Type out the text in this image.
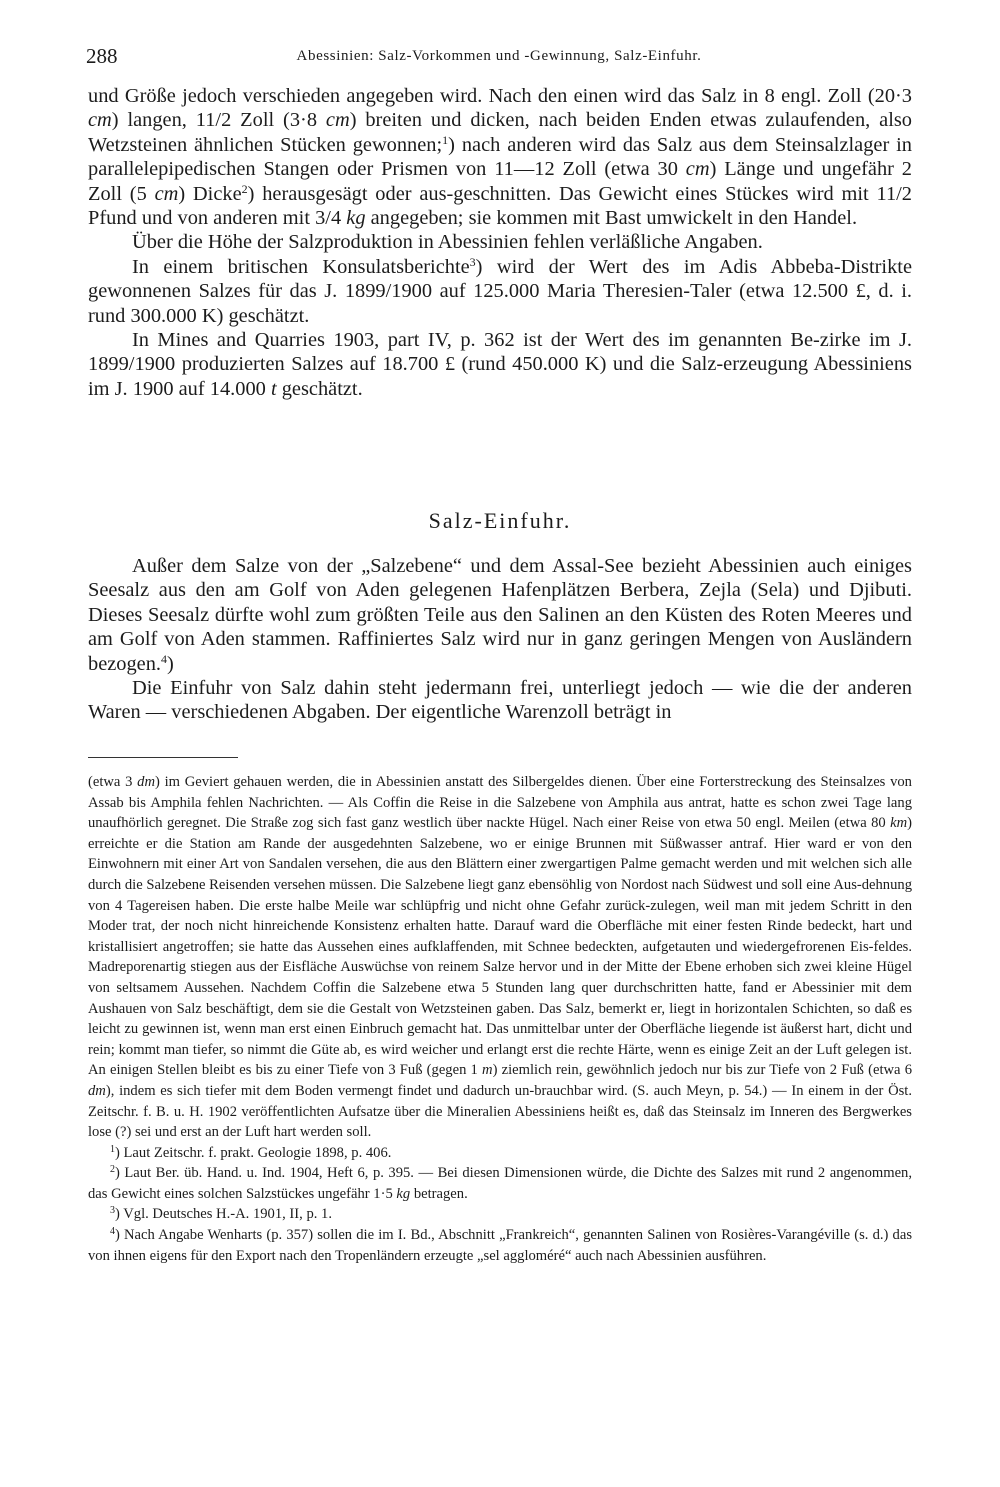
288	Abessinien: Salz-Vorkommen und -Gewinnung, Salz-Einfuhr.

und Größe jedoch verschieden angegeben wird. Nach den einen wird das Salz in 8 engl. Zoll (20·3 cm) langen, 11/2 Zoll (3·8 cm) breiten und dicken, nach beiden Enden etwas zulaufenden, also Wetzsteinen ähnlichen Stücken gewonnen;$^1$) nach anderen wird das Salz aus dem Steinsalzlager in parallelepipedischen Stangen oder Prismen von 11—12 Zoll (etwa 30 cm) Länge und ungefähr 2 Zoll (5 cm) Dicke$^2$) herausgesägt oder aus-geschnitten. Das Gewicht eines Stückes wird mit 11/2 Pfund und von anderen mit 3/4 kg angegeben; sie kommen mit Bast umwickelt in den Handel.

Über die Höhe der Salzproduktion in Abessinien fehlen verläßliche Angaben.

In einem britischen Konsulatsberichte$^3$) wird der Wert des im Adis Abbeba-Distrikte gewonnenen Salzes für das J. 1899/1900 auf 125.000 Maria Theresien-Taler (etwa 12.500 £, d. i. rund 300.000 K) geschätzt.

In Mines and Quarries 1903, part IV, p. 362 ist der Wert des im genannten Be-zirke im J. 1899/1900 produzierten Salzes auf 18.700 £ (rund 450.000 K) und die Salz-erzeugung Abessiniens im J. 1900 auf 14.000 t geschätzt.

Salz-Einfuhr.

Außer dem Salze von der „Salzebene“ und dem Assal-See bezieht Abessinien auch einiges Seesalz aus den am Golf von Aden gelegenen Hafenplätzen Berbera, Zejla (Sela) und Djibuti. Dieses Seesalz dürfte wohl zum größten Teile aus den Salinen an den Küsten des Roten Meeres und am Golf von Aden stammen. Raffiniertes Salz wird nur in ganz geringen Mengen von Ausländern bezogen.$^4$)

Die Einfuhr von Salz dahin steht jedermann frei, unterliegt jedoch — wie die der anderen Waren — verschiedenen Abgaben. Der eigentliche Warenzoll beträgt in

(etwa 3 dm) im Geviert gehauen werden, die in Abessinien anstatt des Silbergeldes dienen. Über eine Forterstreckung des Steinsalzes von Assab bis Amphila fehlen Nachrichten. — Als Coffin die Reise in die Salzebene von Amphila aus antrat, hatte es schon zwei Tage lang unaufhörlich geregnet. Die Straße zog sich fast ganz westlich über nackte Hügel. Nach einer Reise von etwa 50 engl. Meilen (etwa 80 km) erreichte er die Station am Rande der ausgedehnten Salzebene, wo er einige Brunnen mit Süßwasser antraf. Hier ward er von den Einwohnern mit einer Art von Sandalen versehen, die aus den Blättern einer zwergartigen Palme gemacht werden und mit welchen sich alle durch die Salzebene Reisenden versehen müssen. Die Salzebene liegt ganz ebensöhlig von Nordost nach Südwest und soll eine Aus-dehnung von 4 Tagereisen haben. Die erste halbe Meile war schlüpfrig und nicht ohne Gefahr zurück-zulegen, weil man mit jedem Schritt in den Moder trat, der noch nicht hinreichende Konsistenz erhalten hatte. Darauf ward die Oberfläche mit einer festen Rinde bedeckt, hart und kristallisiert angetroffen; sie hatte das Aussehen eines aufklaffenden, mit Schnee bedeckten, aufgetauten und wiedergefrorenen Eis-feldes. Madreporenartig stiegen aus der Eisfläche Auswüchse von reinem Salze hervor und in der Mitte der Ebene erhoben sich zwei kleine Hügel von seltsamem Aussehen. Nachdem Coffin die Salzebene etwa 5 Stunden lang quer durchschritten hatte, fand er Abessinier mit dem Aushauen von Salz beschäftigt, dem sie die Gestalt von Wetzsteinen gaben. Das Salz, bemerkt er, liegt in horizontalen Schichten, so daß es leicht zu gewinnen ist, wenn man erst einen Einbruch gemacht hat. Das unmittelbar unter der Oberfläche liegende ist äußerst hart, dicht und rein; kommt man tiefer, so nimmt die Güte ab, es wird weicher und erlangt erst die rechte Härte, wenn es einige Zeit an der Luft gelegen ist. An einigen Stellen bleibt es bis zu einer Tiefe von 3 Fuß (gegen 1 m) ziemlich rein, gewöhnlich jedoch nur bis zur Tiefe von 2 Fuß (etwa 6 dm), indem es sich tiefer mit dem Boden vermengt findet und dadurch un-brauchbar wird. (S. auch Meyn, p. 54.) — In einem in der Öst. Zeitschr. f. B. u. H. 1902 veröffentlichten Aufsatze über die Mineralien Abessiniens heißt es, daß das Steinsalz im Inneren des Bergwerkes lose (?) sei und erst an der Luft hart werden soll.

$^1$) Laut Zeitschr. f. prakt. Geologie 1898, p. 406.

$^2$) Laut Ber. üb. Hand. u. Ind. 1904, Heft 6, p. 395. — Bei diesen Dimensionen würde, die Dichte des Salzes mit rund 2 angenommen, das Gewicht eines solchen Salzstückes ungefähr 1·5 kg betragen.

$^3$) Vgl. Deutsches H.-A. 1901, II, p. 1.

$^4$) Nach Angabe Wenharts (p. 357) sollen die im I. Bd., Abschnitt „Frankreich“, genannten Salinen von Rosières-Varangéville (s. d.) das von ihnen eigens für den Export nach den Tropenländern erzeugte „sel aggloméré“ auch nach Abessinien ausführen.
